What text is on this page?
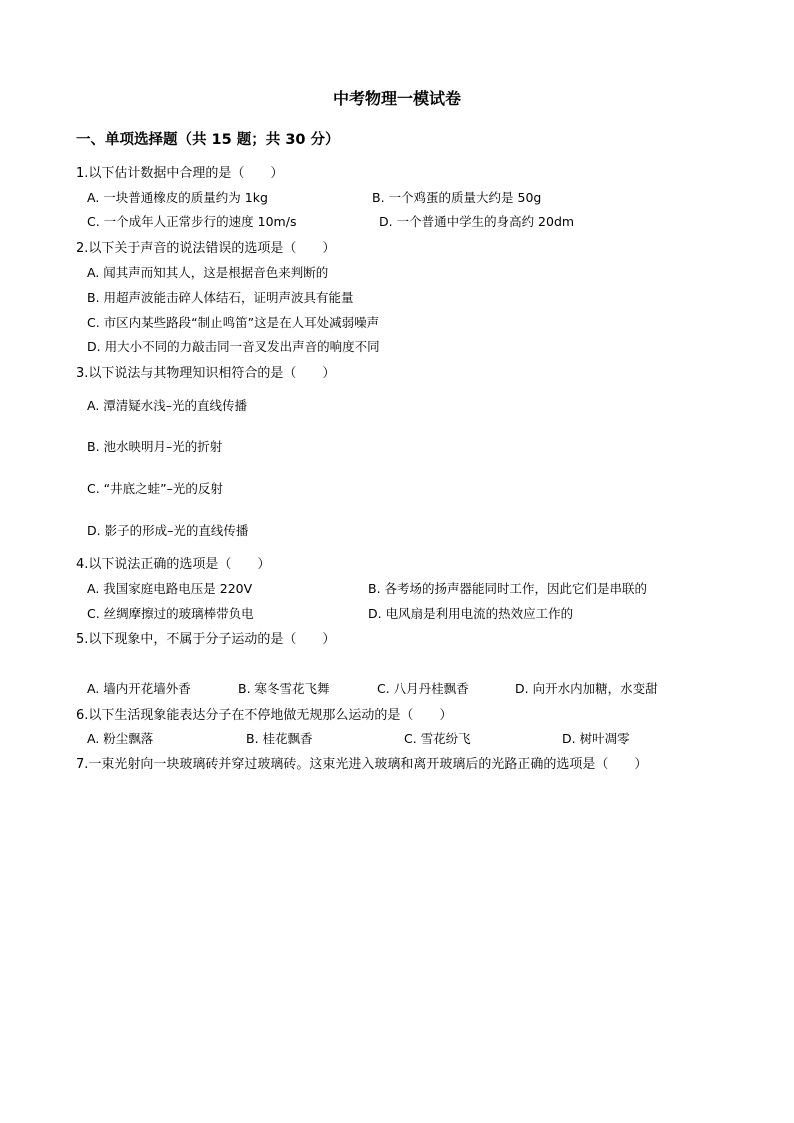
中考物理一模试卷
一、单项选择题（共 15 题；共 30 分）
1.以下估计数据中合理的是（　　）
A. 一块普通橡皮的质量约为 1kg	B. 一个鸡蛋的质量大约是 50g
C. 一个成年人正常步行的速度 10m/s	D. 一个普通中学生的身高约 20dm
2.以下关于声音的说法错误的选项是（　　）
A. 闻其声而知其人，这是根据音色来判断的
B. 用超声波能击碎人体结石，证明声波具有能量
C. 市区内某些路段“制止鸣笛”这是在人耳处减弱噪声
D. 用大小不同的力敲击同一音叉发出声音的响度不同
3.以下说法与其物理知识相符合的是（　　）
A. 潭清疑水浅–光的直线传播
B. 池水映明月–光的折射
C. “井底之蛙”–光的反射
D. 影子的形成–光的直线传播
4.以下说法正确的选项是（　　）
A. 我国家庭电路电压是 220V	B. 各考场的扬声器能同时工作，因此它们是串联的
C. 丝绸摩擦过的玻璃棒带负电	D. 电风扇是利用电流的热效应工作的
5.以下现象中，不属于分子运动的是（　　）
A. 墙内开花墙外香	B. 寒冬雪花飞舞	C. 八月丹桂飘香	D. 向开水内加糖，水变甜
6.以下生活现象能表达分子在不停地做无规那么运动的是（　　）
A. 粉尘飘落	B. 桂花飘香	C. 雪花纷飞	D. 树叶凋零
7.一束光射向一块玻璃砖并穿过玻璃砖。这束光进入玻璃和离开玻璃后的光路正确的选项是（　　）
